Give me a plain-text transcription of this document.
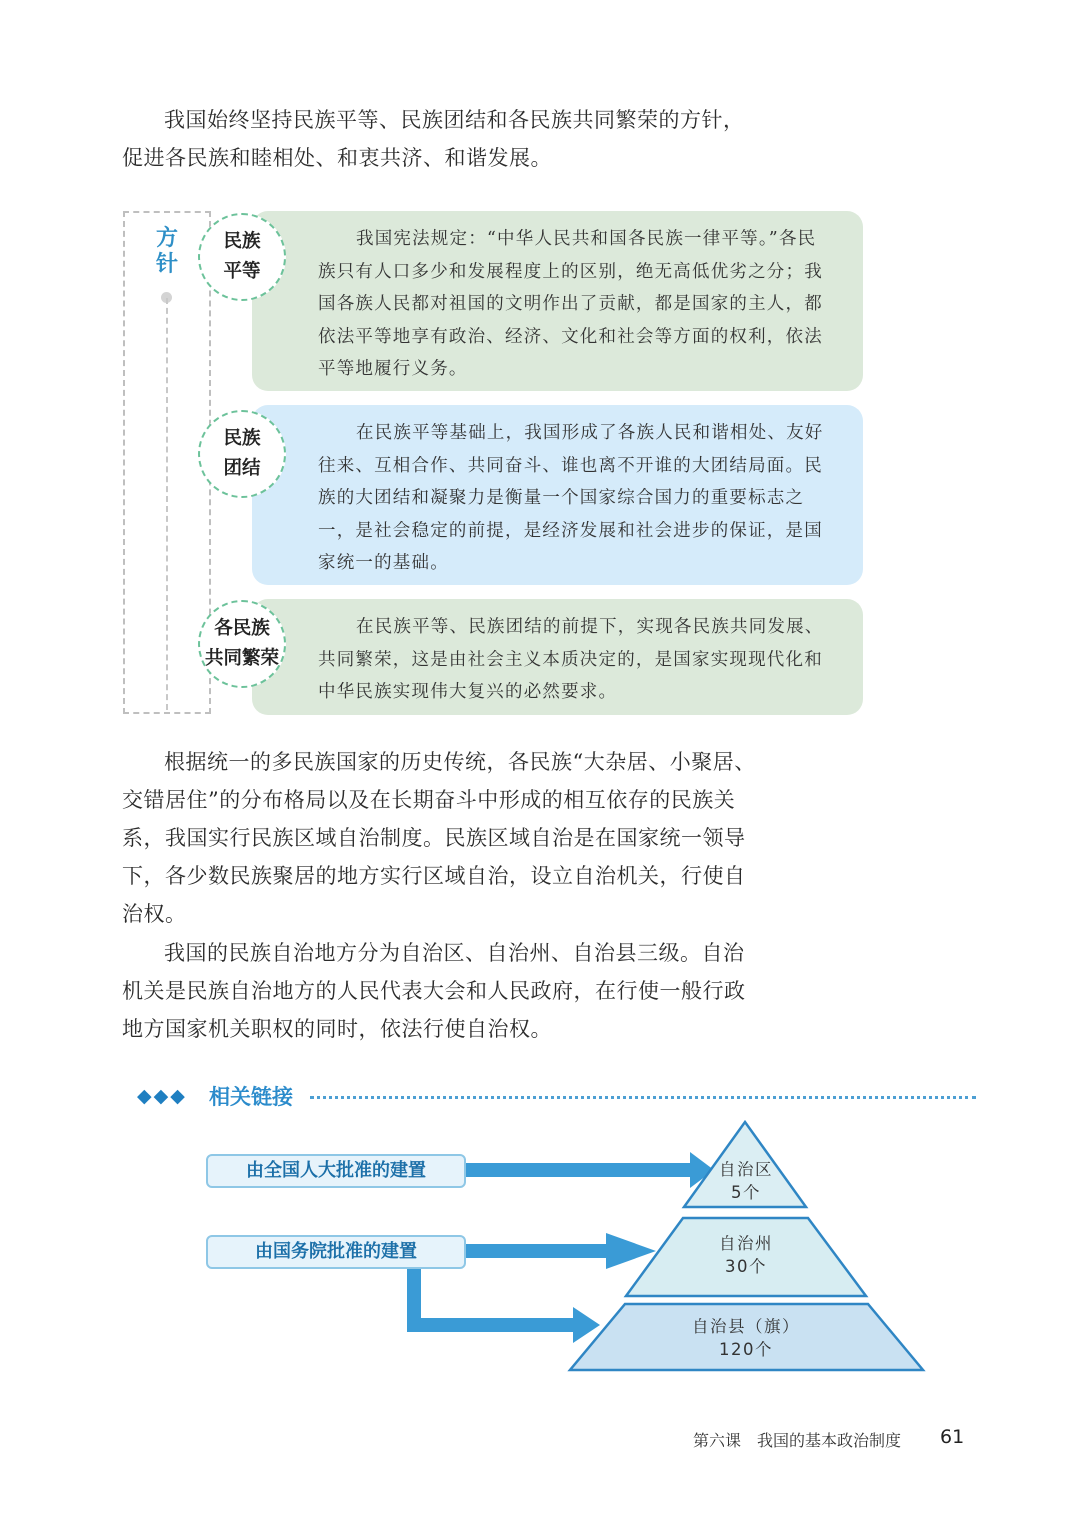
我国始终坚持民族平等、民族团结和各民族共同繁荣的方针，促进各民族和睦相处、和衷共济、和谐发展。

方
针

我国宪法规定：“中华人民共和国各民族一律平等。”各民族只有人口多少和发展程度上的区别，绝无高低优劣之分；我国各族人民都对祖国的文明作出了贡献，都是国家的主人，都依法平等地享有政治、经济、文化和社会等方面的权利，依法平等地履行义务。

在民族平等基础上，我国形成了各族人民和谐相处、友好往来、互相合作、共同奋斗、谁也离不开谁的大团结局面。民族的大团结和凝聚力是衡量一个国家综合国力的重要标志之一，是社会稳定的前提，是经济发展和社会进步的保证，是国家统一的基础。

在民族平等、民族团结的前提下，实现各民族共同发展、共同繁荣，这是由社会主义本质决定的，是国家实现现代化和中华民族实现伟大复兴的必然要求。

民族
平等
民族
团结
各民族
共同繁荣

根据统一的多民族国家的历史传统，各民族“大杂居、小聚居、交错居住”的分布格局以及在长期奋斗中形成的相互依存的民族关系，我国实行民族区域自治制度。民族区域自治是在国家统一领导下，各少数民族聚居的地方实行区域自治，设立自治机关，行使自治权。

我国的民族自治地方分为自治区、自治州、自治县三级。自治机关是民族自治地方的人民代表大会和人民政府，在行使一般行政地方国家机关职权的同时，依法行使自治权。

◆◆◆ 相关链接
由全国人大批准的建置
由国务院批准的建置
自治区
5个
自治州
30个
自治县（旗）
120个
第六课　我国的基本政治制度 61
